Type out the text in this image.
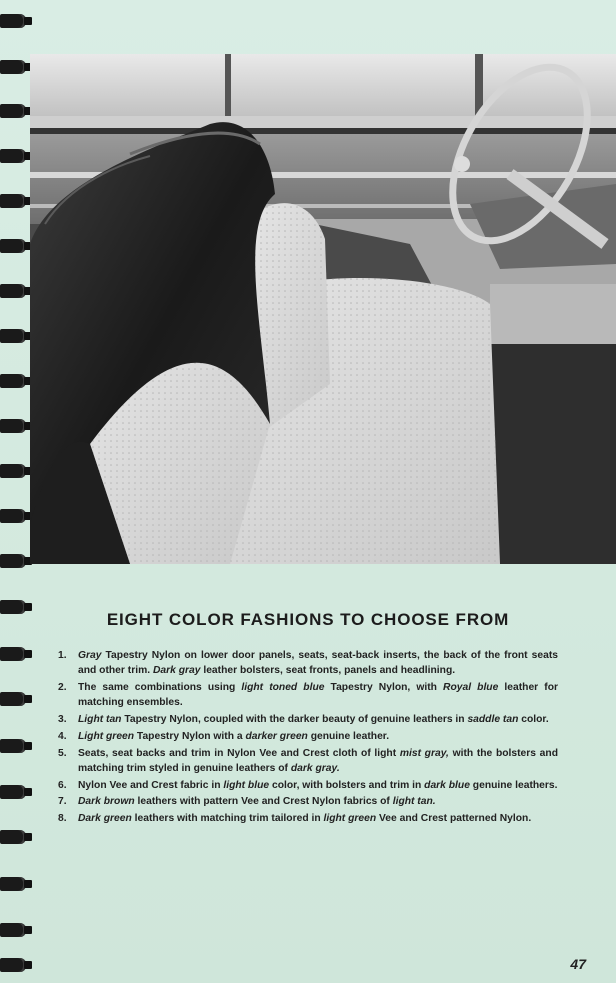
EIGHT COLOR FASHIONS TO CHOOSE FROM
1. Gray Tapestry Nylon on lower door panels, seats, seat-back inserts, the back of the front seats and other trim. Dark gray leather bolsters, seat fronts, panels and headlining.
2. The same combinations using light toned blue Tapestry Nylon, with Royal blue leather for matching ensembles.
3. Light tan Tapestry Nylon, coupled with the darker beauty of genuine leathers in saddle tan color.
4. Light green Tapestry Nylon with a darker green genuine leather.
5. Seats, seat backs and trim in Nylon Vee and Crest cloth of light mist gray, with the bolsters and matching trim styled in genuine leathers of dark gray.
6. Nylon Vee and Crest fabric in light blue color, with bolsters and trim in dark blue genuine leathers.
7. Dark brown leathers with pattern Vee and Crest Nylon fabrics of light tan.
8. Dark green leathers with matching trim tailored in light green Vee and Crest patterned Nylon.
47
